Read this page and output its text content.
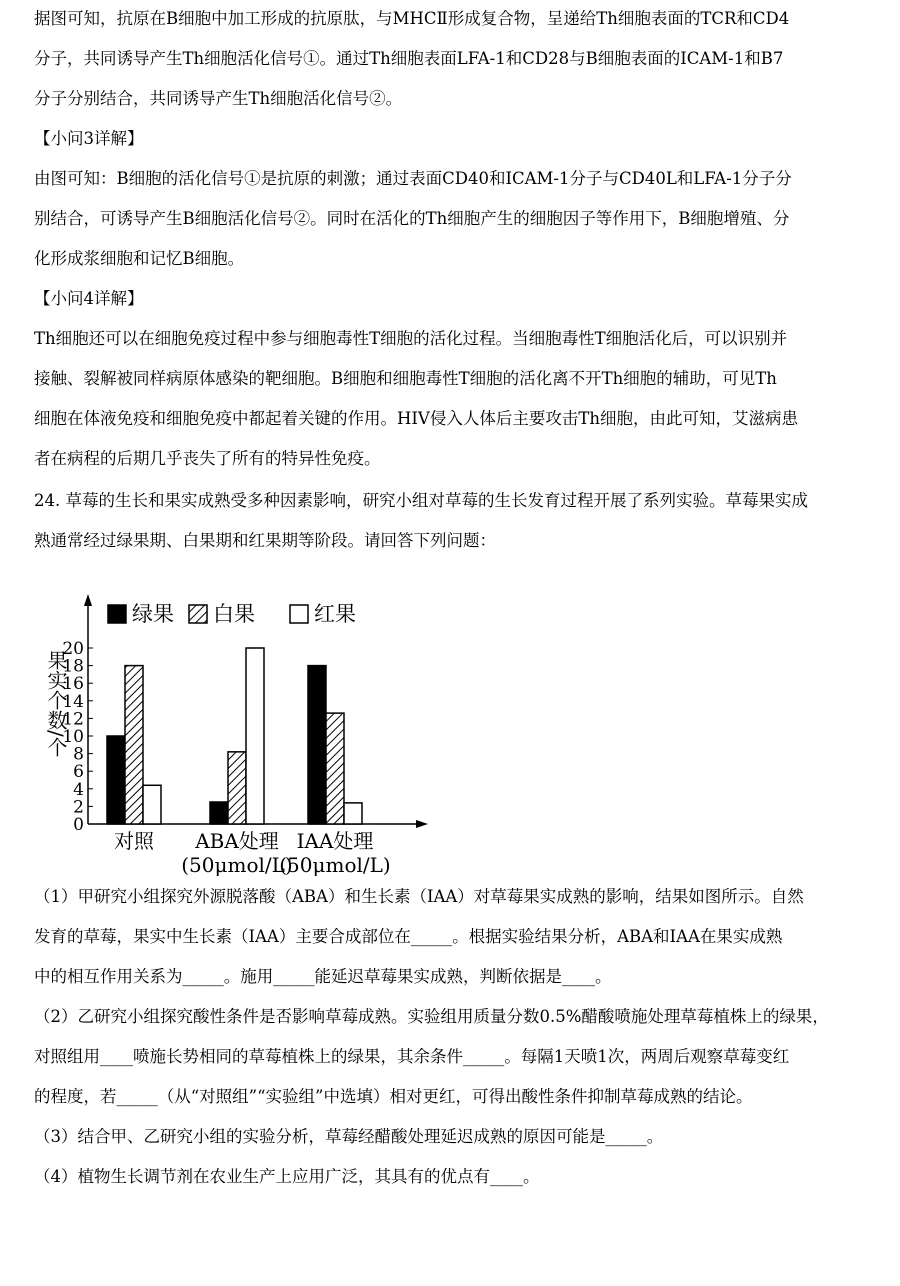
据图可知，抗原在B细胞中加工形成的抗原肽，与MHCⅡ形成复合物，呈递给Th细胞表面的TCR和CD4
分子，共同诱导产生Th细胞活化信号①。通过Th细胞表面LFA-1和CD28与B细胞表面的ICAM-1和B7
分子分别结合，共同诱导产生Th细胞活化信号②。
【小问3详解】
由图可知：B细胞的活化信号①是抗原的刺激；通过表面CD40和ICAM-1分子与CD40L和LFA-1分子分
别结合，可诱导产生B细胞活化信号②。同时在活化的Th细胞产生的细胞因子等作用下，B细胞增殖、分
化形成浆细胞和记忆B细胞。
【小问4详解】
Th细胞还可以在细胞免疫过程中参与细胞毒性T细胞的活化过程。当细胞毒性T细胞活化后，可以识别并
接触、裂解被同样病原体感染的靶细胞。B细胞和细胞毒性T细胞的活化离不开Th细胞的辅助，可见Th
细胞在体液免疫和细胞免疫中都起着关键的作用。HIV侵入人体后主要攻击Th细胞，由此可知，艾滋病患
者在病程的后期几乎丧失了所有的特异性免疫。
24. 草莓的生长和果实成熟受多种因素影响，研究小组对草莓的生长发育过程开展了系列实验。草莓果实成
熟通常经过绿果期、白果期和红果期等阶段。请回答下列问题：
（1）甲研究小组探究外源脱落酸（ABA）和生长素（IAA）对草莓果实成熟的影响，结果如图所示。自然
发育的草莓，果实中生长素（IAA）主要合成部位在_____。根据实验结果分析，ABA和IAA在果实成熟
中的相互作用关系为_____。施用_____能延迟草莓果实成熟，判断依据是____。
（2）乙研究小组探究酸性条件是否影响草莓成熟。实验组用质量分数0.5%醋酸喷施处理草莓植株上的绿果，
对照组用____喷施长势相同的草莓植株上的绿果，其余条件_____。每隔1天喷1次，两周后观察草莓变红
的程度，若_____（从“对照组”“实验组”中选填）相对更红，可得出酸性条件抑制草莓成熟的结论。
（3）结合甲、乙研究小组的实验分析，草莓经醋酸处理延迟成熟的原因可能是_____。
（4）植物生长调节剂在农业生产上应用广泛，其具有的优点有____。
0
2
4
6
8
10
12
14
16
18
20
果实个数/个
对照 ABA处理
(50μmol/L)
IAA处理
(50μmol/L)
绿果 白果	红果
